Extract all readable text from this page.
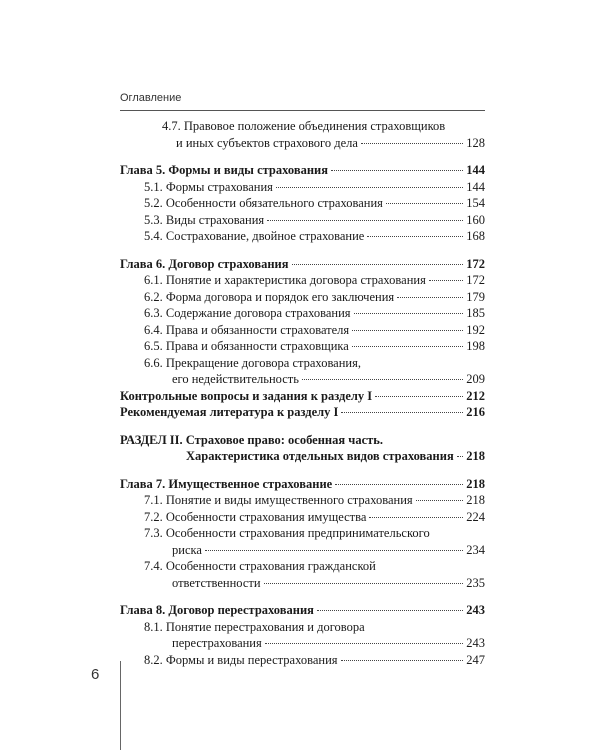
Оглавление
4.7. Правовое положение объединения страховщиков
и иных субъектов страхового дела	128
Глава 5. Формы и виды страхования	144
5.1. Формы страхования	144
5.2. Особенности обязательного страхования	154
5.3. Виды страхования	160
5.4. Сострахование, двойное страхование	168
Глава 6. Договор страхования	172
6.1. Понятие и характеристика договора страхования	172
6.2. Форма договора и порядок его заключения	179
6.3. Содержание договора страхования	185
6.4. Права и обязанности страхователя	192
6.5. Права и обязанности страховщика	198
6.6. Прекращение договора страхования,
его недействительность	209
Контрольные вопросы и задания к разделу I	212
Рекомендуемая литература к разделу I	216
РАЗДЕЛ II. Страховое право: особенная часть.
Характеристика отдельных видов страхования 218
Глава 7. Имущественное страхование	218
7.1. Понятие и виды имущественного страхования	218
7.2. Особенности страхования имущества	224
7.3. Особенности страхования предпринимательского
риска	234
7.4. Особенности страхования гражданской
ответственности	235
Глава 8. Договор перестрахования	243
8.1. Понятие перестрахования и договора
перестрахования	243
8.2. Формы и виды перестрахования	247
6
